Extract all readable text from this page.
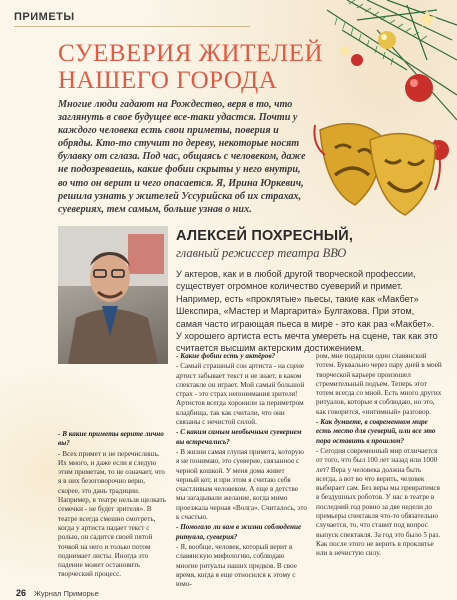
ПРИМЕТЫ
СУЕВЕРИЯ ЖИТЕЛЕЙ
НАШЕГО ГОРОДА
Многие люди гадают на Рождество, веря в то, что заглянуть в свое будущее все-таки удастся. Почти у каждого человека есть свои приметы, поверия и обряды. Кто-то стучит по дереву, некоторые носят булавку от сглаза. Под час, общаясь с человеком, даже не подозреваешь, какие фобии скрыты у него внутри, во что он верит и чего опасается. Я, Ирина Юркевич, решила узнать у жителей Уссурийска об их страхах, суевериях, тем самым, больше узнав о них.
АЛЕКСЕЙ ПОХРЕСНЫЙ,
главный режиссер театра ВВО
У актеров, как и в любой другой творческой профессии, существует огромное количество суеверий и примет. Например, есть «проклятые» пьесы, такие как «Макбет» Шекспира, «Мастер и Маргарита» Булгакова. При этом, самая часто играющая пьеса в мире - это как раз «Макбет». У хорошего артиста есть мечта умереть на сцене, так как это считается высшим актерским достижением.

- В какие приметы верите лично вы?

- Всех примет и не перечислишь. Их много, и даже если я следую этим приметам, то не означает, что я в них безоговорочно верю, скорее, это дань традиции. Например, в театре нельзя щелкать семечки - не будет зрителя». В театре всегда смешно смотреть, когда у артиста падает текст с ролью, он садится своей пятой точкой на него и только потом поднимает листы. Иногда это падение может остановить творческий процесс.

- Какие фобии есть у актёров?

- Самый страшный сон артиста - на сцене артист забывает текст и не знает, в каком спектакле он играет. Мой самый большой страх - это страх непонимания зрителя! Артистов всегда хоронили за периметром кладбища, так как считали, что они связаны с нечистой силой.

- С каким самым необычным суеверием вы встречались?

- В жизни самая глупая примета, которую я не понимаю, это суеверие, связанное с черной кошкой. У меня дома живет черный кот, и при этом я считаю себя счастливым человеком. А еще в детстве мы загадывали желание, когда мимо проезжала черная «Волга». Считалось, это к счастью.

- Помогало ли вам в жизни соблюдение ритуала, суеверия?

- Я, вообще, человек, который верит в славянскую мифологию, соблюдаю многие ритуалы наших предков. В свое время, когда я еще относился к этому с юмо-

ром, мне подарили один славянский тотем. Буквально через пару дней в моей творческой карьере произошел стремительный подъем. Теперь этот тотем всегда со мной. Есть много других ритуалов, которые я соблюдаю, но это, как говорится, «интимный» разговор.

- Как думаете, в современном мире есть место для суеверий, или все это пора оставить в прошлом?

- Сегодня современный мир отличается от того, что был 100 лет назад или 1000 лет? Вера у человека должна быть всегда, а вот во что верить, человек выбирает сам. Без веры мы превратимся в бездушных роботов. У нас в театре в последний год ровно за две недели до премьеры спектакля что-то обязательно случается, то, что ставит под вопрос выпуск спектакля. За год это было 5 раз. Как после этого не верить в проклятье или в нечистую силу.

26 Журнал Приморье
